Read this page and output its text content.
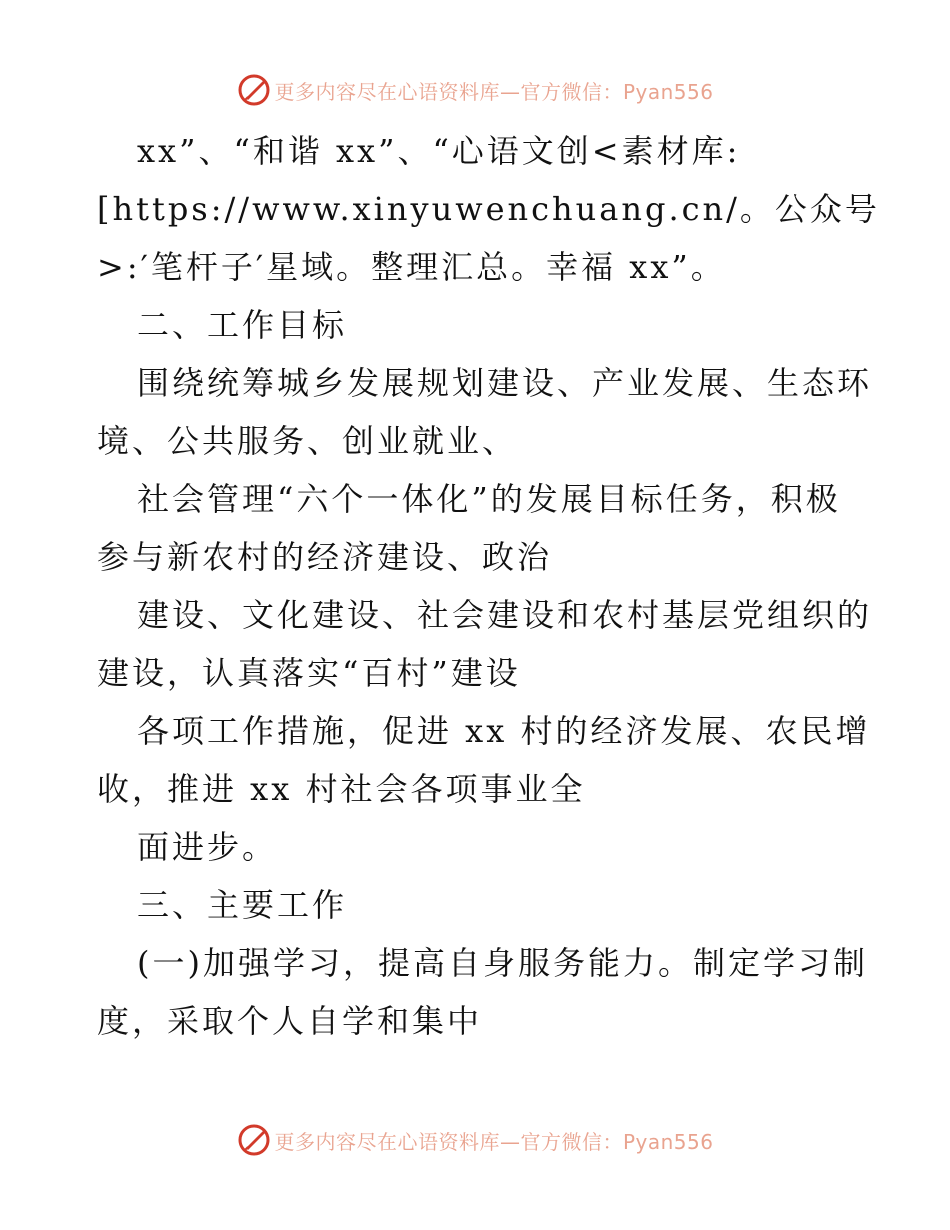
更多内容尽在心语资料库—官方微信：Pyan556
xx”、“和谐 xx”、“心语文创<素材库:
[https://www.xinyuwenchuang.cn/。公众号
>:′笔杆子′星域。整理汇总。幸福 xx”。
二、工作目标
围绕统筹城乡发展规划建设、产业发展、生态环
境、公共服务、创业就业、
社会管理“六个一体化”的发展目标任务，积极
参与新农村的经济建设、政治
建设、文化建设、社会建设和农村基层党组织的
建设，认真落实“百村”建设
各项工作措施，促进 xx 村的经济发展、农民增
收，推进 xx 村社会各项事业全
面进步。
三、主要工作
(一)加强学习，提高自身服务能力。制定学习制
度，采取个人自学和集中
更多内容尽在心语资料库—官方微信：Pyan556
